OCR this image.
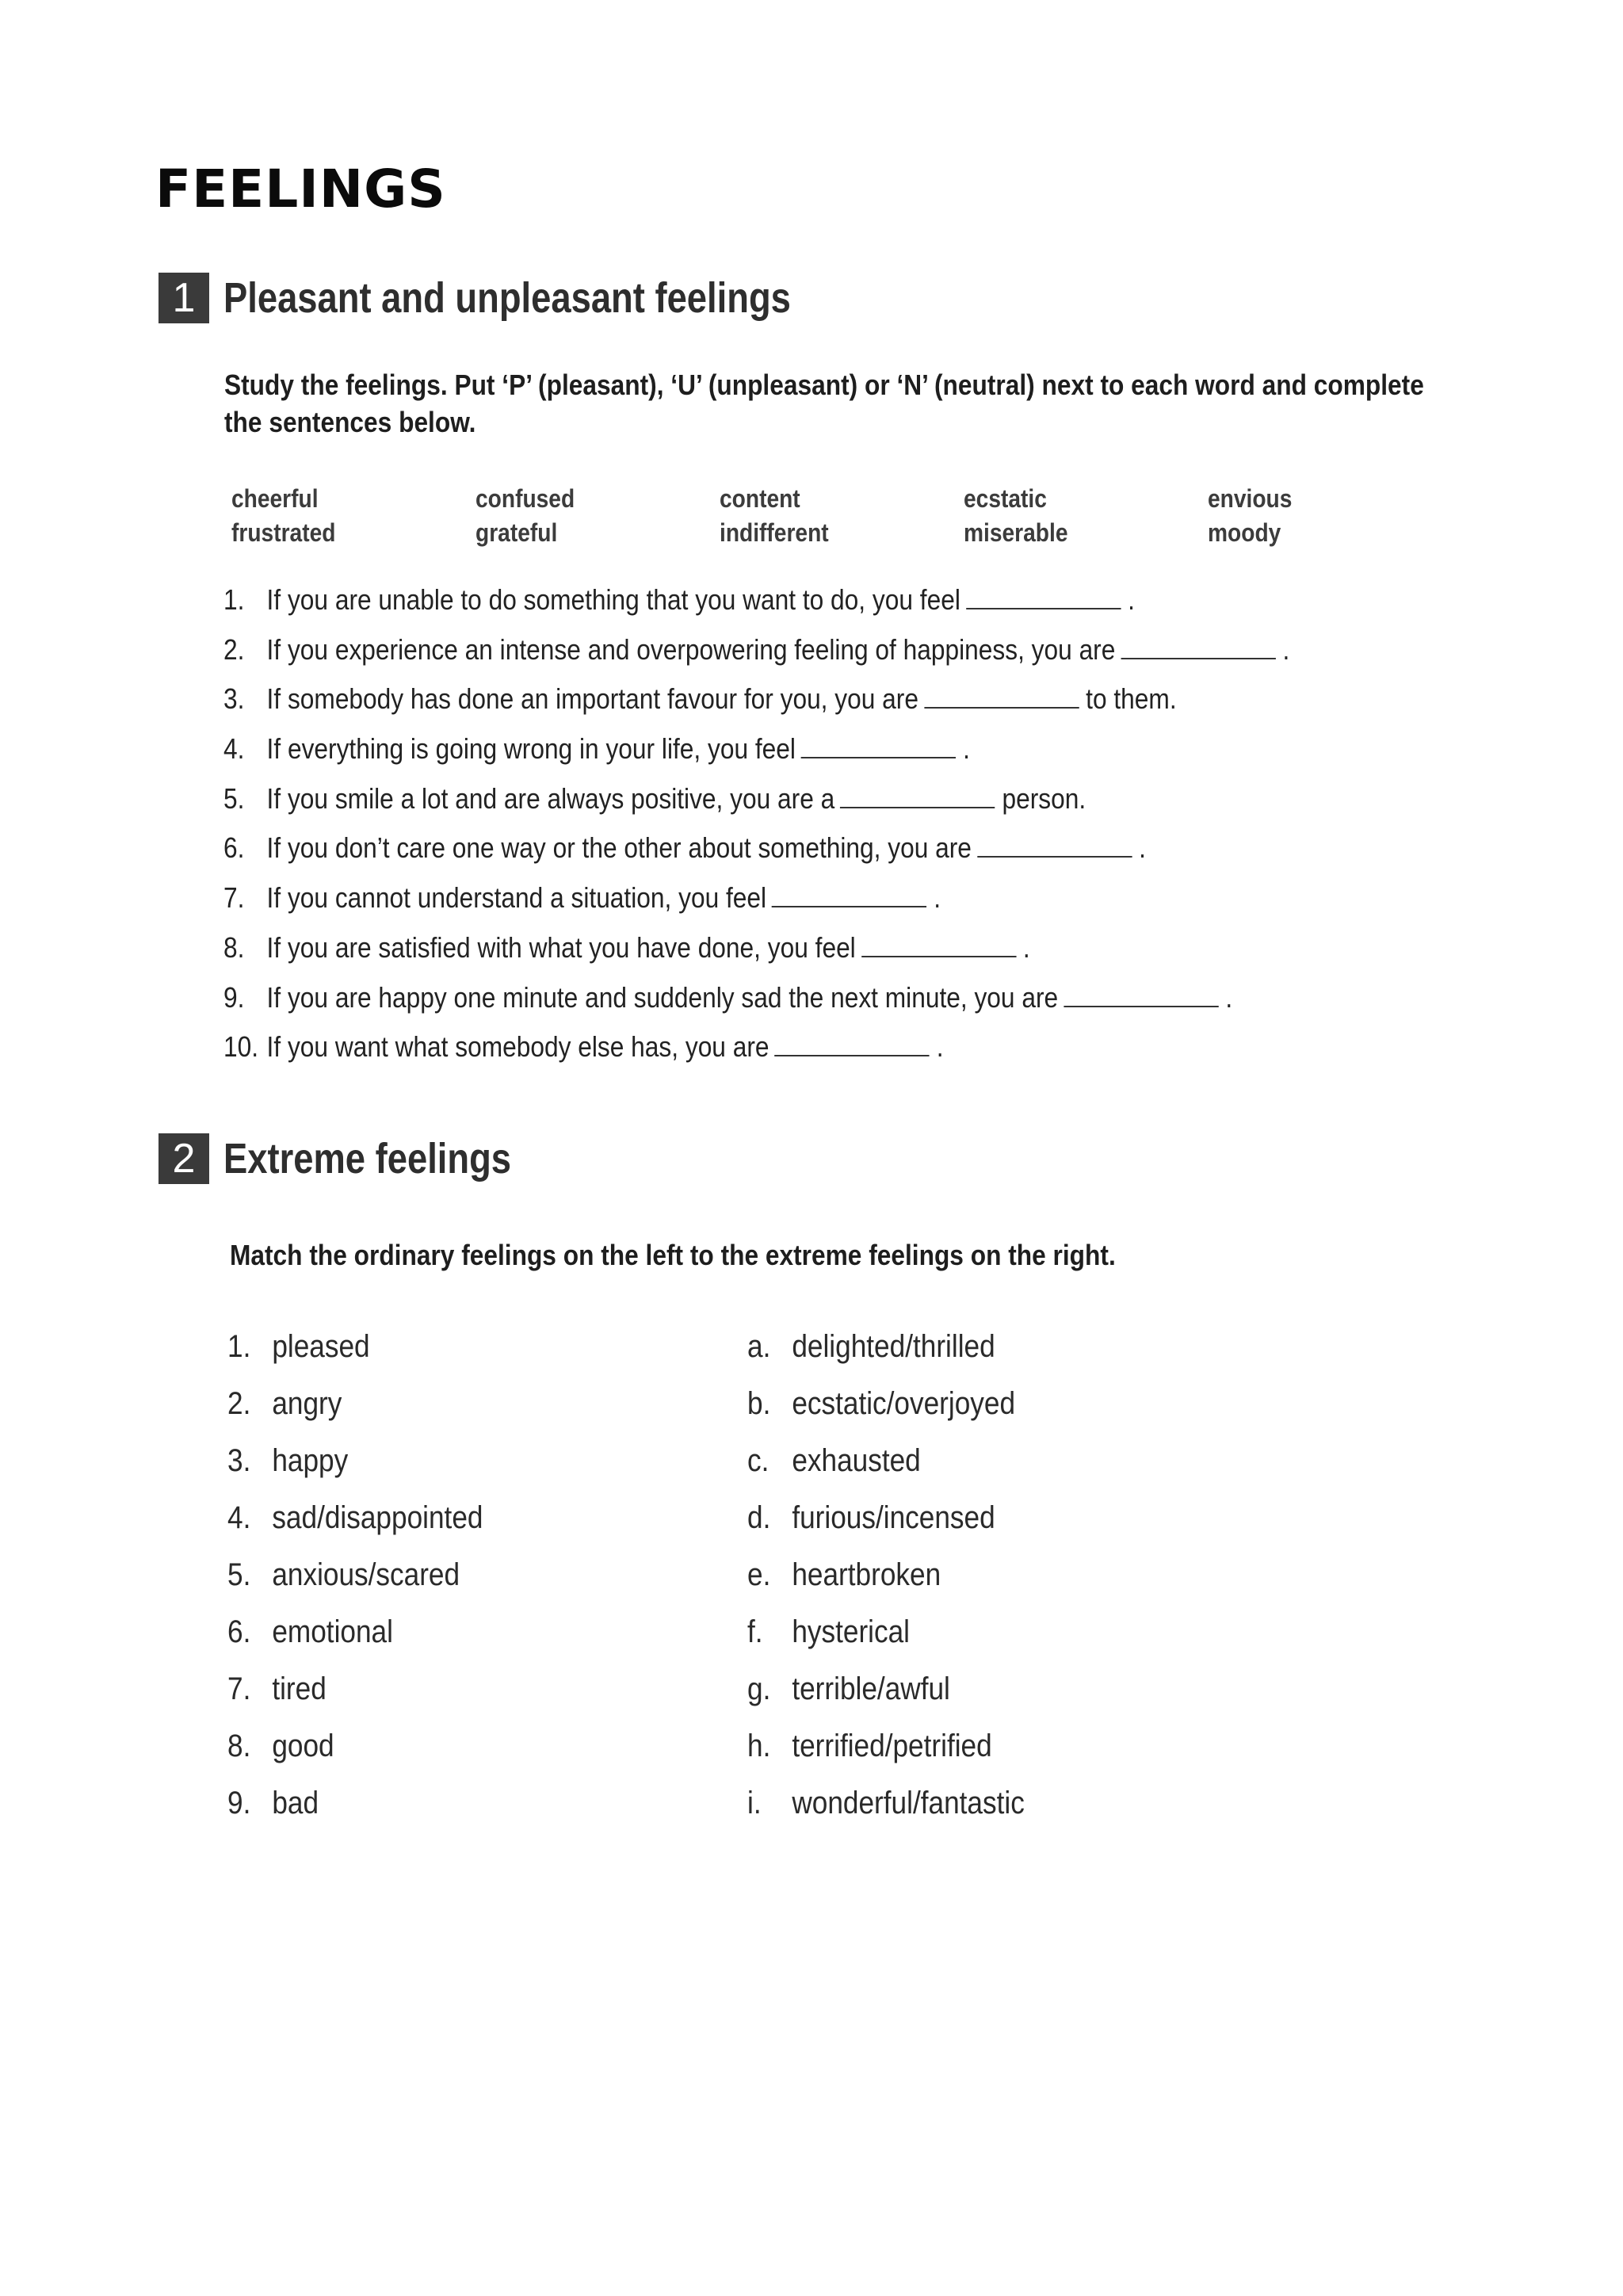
FEELINGS
1 Pleasant and unpleasant feelings

Study the feelings. Put ‘P’ (pleasant), ‘U’ (unpleasant) or ‘N’ (neutral) next to each word and complete
the sentences below.

cheerful	confused	content	ecstatic	envious
frustrated	grateful	indifferent	miserable	moody
1. If you are unable to do something that you want to do, you feel	.
2. If you experience an intense and overpowering feeling of happiness, you are	.
3. If somebody has done an important favour for you, you are	to them.
4. If everything is going wrong in your life, you feel	.
5. If you smile a lot and are always positive, you are a	person.
6. If you don’t care one way or the other about something, you are	.
7. If you cannot understand a situation, you feel	.
8. If you are satisfied with what you have done, you feel	.
9. If you are happy one minute and suddenly sad the next minute, you are	.
10. If you want what somebody else has, you are	.
2 Extreme feelings

Match the ordinary feelings on the left to the extreme feelings on the right.

1. pleased	a. delighted/thrilled
2. angry	b. ecstatic/overjoyed
3. happy	c. exhausted
4. sad/disappointed	d. furious/incensed
5. anxious/scared	e. heartbroken
6. emotional	f. hysterical
7. tired	g. terrible/awful
8. good	h. terrified/petrified
9. bad	i. wonderful/fantastic
